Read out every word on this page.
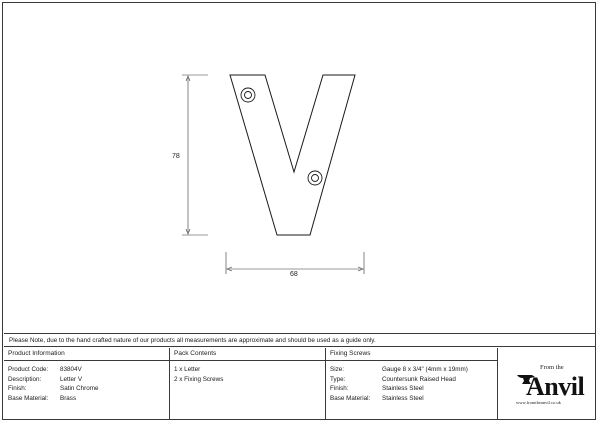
78
68
Please Note, due to the hand crafted nature of our products all measurements are approximate and should be used as a guide only.
Product Information
Product Code:	83804V
Description:	Letter V
Finish:	Satin Chrome
Base Material:	Brass
Pack Contents
1 x Letter
2 x Fixing Screws
Fixing Screws
Size:	Gauge 8 x 3/4" (4mm x 19mm)
Type:	Countersunk Raised Head
Finish:	Stainless Steel
Base Material:	Stainless Steel
From the
Anvil
www.fromtheanvil.co.uk
